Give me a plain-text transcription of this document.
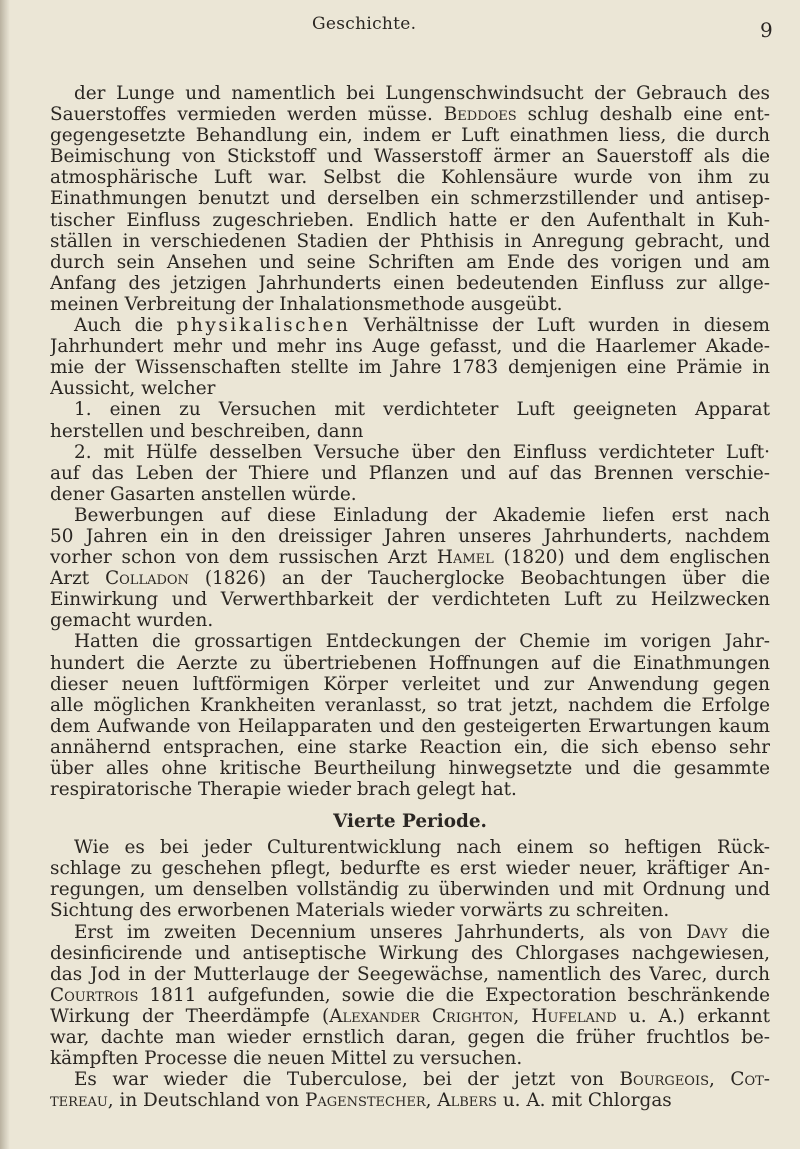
Geschichte.	9
der Lunge und namentlich bei Lungenschwindsucht der Gebrauch des
Sauerstoffes vermieden werden müsse. Beddoes schlug deshalb eine ent-
gegengesetzte Behandlung ein, indem er Luft einathmen liess, die durch
Beimischung von Stickstoff und Wasserstoff ärmer an Sauerstoff als die
atmosphärische Luft war. Selbst die Kohlensäure wurde von ihm zu
Einathmungen benutzt und derselben ein schmerzstillender und antisep-
tischer Einfluss zugeschrieben. Endlich hatte er den Aufenthalt in Kuh-
ställen in verschiedenen Stadien der Phthisis in Anregung gebracht, und
durch sein Ansehen und seine Schriften am Ende des vorigen und am
Anfang des jetzigen Jahrhunderts einen bedeutenden Einfluss zur allge-
meinen Verbreitung der Inhalationsmethode ausgeübt.
Auch die physikalischen Verhältnisse der Luft wurden in diesem
Jahrhundert mehr und mehr ins Auge gefasst, und die Haarlemer Akade-
mie der Wissenschaften stellte im Jahre 1783 demjenigen eine Prämie in
Aussicht, welcher
1. einen zu Versuchen mit verdichteter Luft geeigneten Apparat
herstellen und beschreiben, dann
2. mit Hülfe desselben Versuche über den Einfluss verdichteter Luft·
auf das Leben der Thiere und Pflanzen und auf das Brennen verschie-
dener Gasarten anstellen würde.
Bewerbungen auf diese Einladung der Akademie liefen erst nach
50 Jahren ein in den dreissiger Jahren unseres Jahrhunderts, nachdem
vorher schon von dem russischen Arzt Hamel (1820) und dem englischen
Arzt Colladon (1826) an der Taucherglocke Beobachtungen über die
Einwirkung und Verwerthbarkeit der verdichteten Luft zu Heilzwecken
gemacht wurden.
Hatten die grossartigen Entdeckungen der Chemie im vorigen Jahr-
hundert die Aerzte zu übertriebenen Hoffnungen auf die Einathmungen
dieser neuen luftförmigen Körper verleitet und zur Anwendung gegen
alle möglichen Krankheiten veranlasst, so trat jetzt, nachdem die Erfolge
dem Aufwande von Heilapparaten und den gesteigerten Erwartungen kaum
annähernd entsprachen, eine starke Reaction ein, die sich ebenso sehr
über alles ohne kritische Beurtheilung hinwegsetzte und die gesammte
respiratorische Therapie wieder brach gelegt hat.
Vierte Periode.
Wie es bei jeder Culturentwicklung nach einem so heftigen Rück-
schlage zu geschehen pflegt, bedurfte es erst wieder neuer, kräftiger An-
regungen, um denselben vollständig zu überwinden und mit Ordnung und
Sichtung des erworbenen Materials wieder vorwärts zu schreiten.
Erst im zweiten Decennium unseres Jahrhunderts, als von Davy die
desinficirende und antiseptische Wirkung des Chlorgases nachgewiesen,
das Jod in der Mutterlauge der Seegewächse, namentlich des Varec, durch
Courtrois 1811 aufgefunden, sowie die die Expectoration beschränkende
Wirkung der Theerdämpfe (Alexander Crighton, Hufeland u. A.) erkannt
war, dachte man wieder ernstlich daran, gegen die früher fruchtlos be-
kämpften Processe die neuen Mittel zu versuchen.
Es war wieder die Tuberculose, bei der jetzt von Bourgeois, Cot-
tereau, in Deutschland von Pagenstecher, Albers u. A. mit Chlorgas
